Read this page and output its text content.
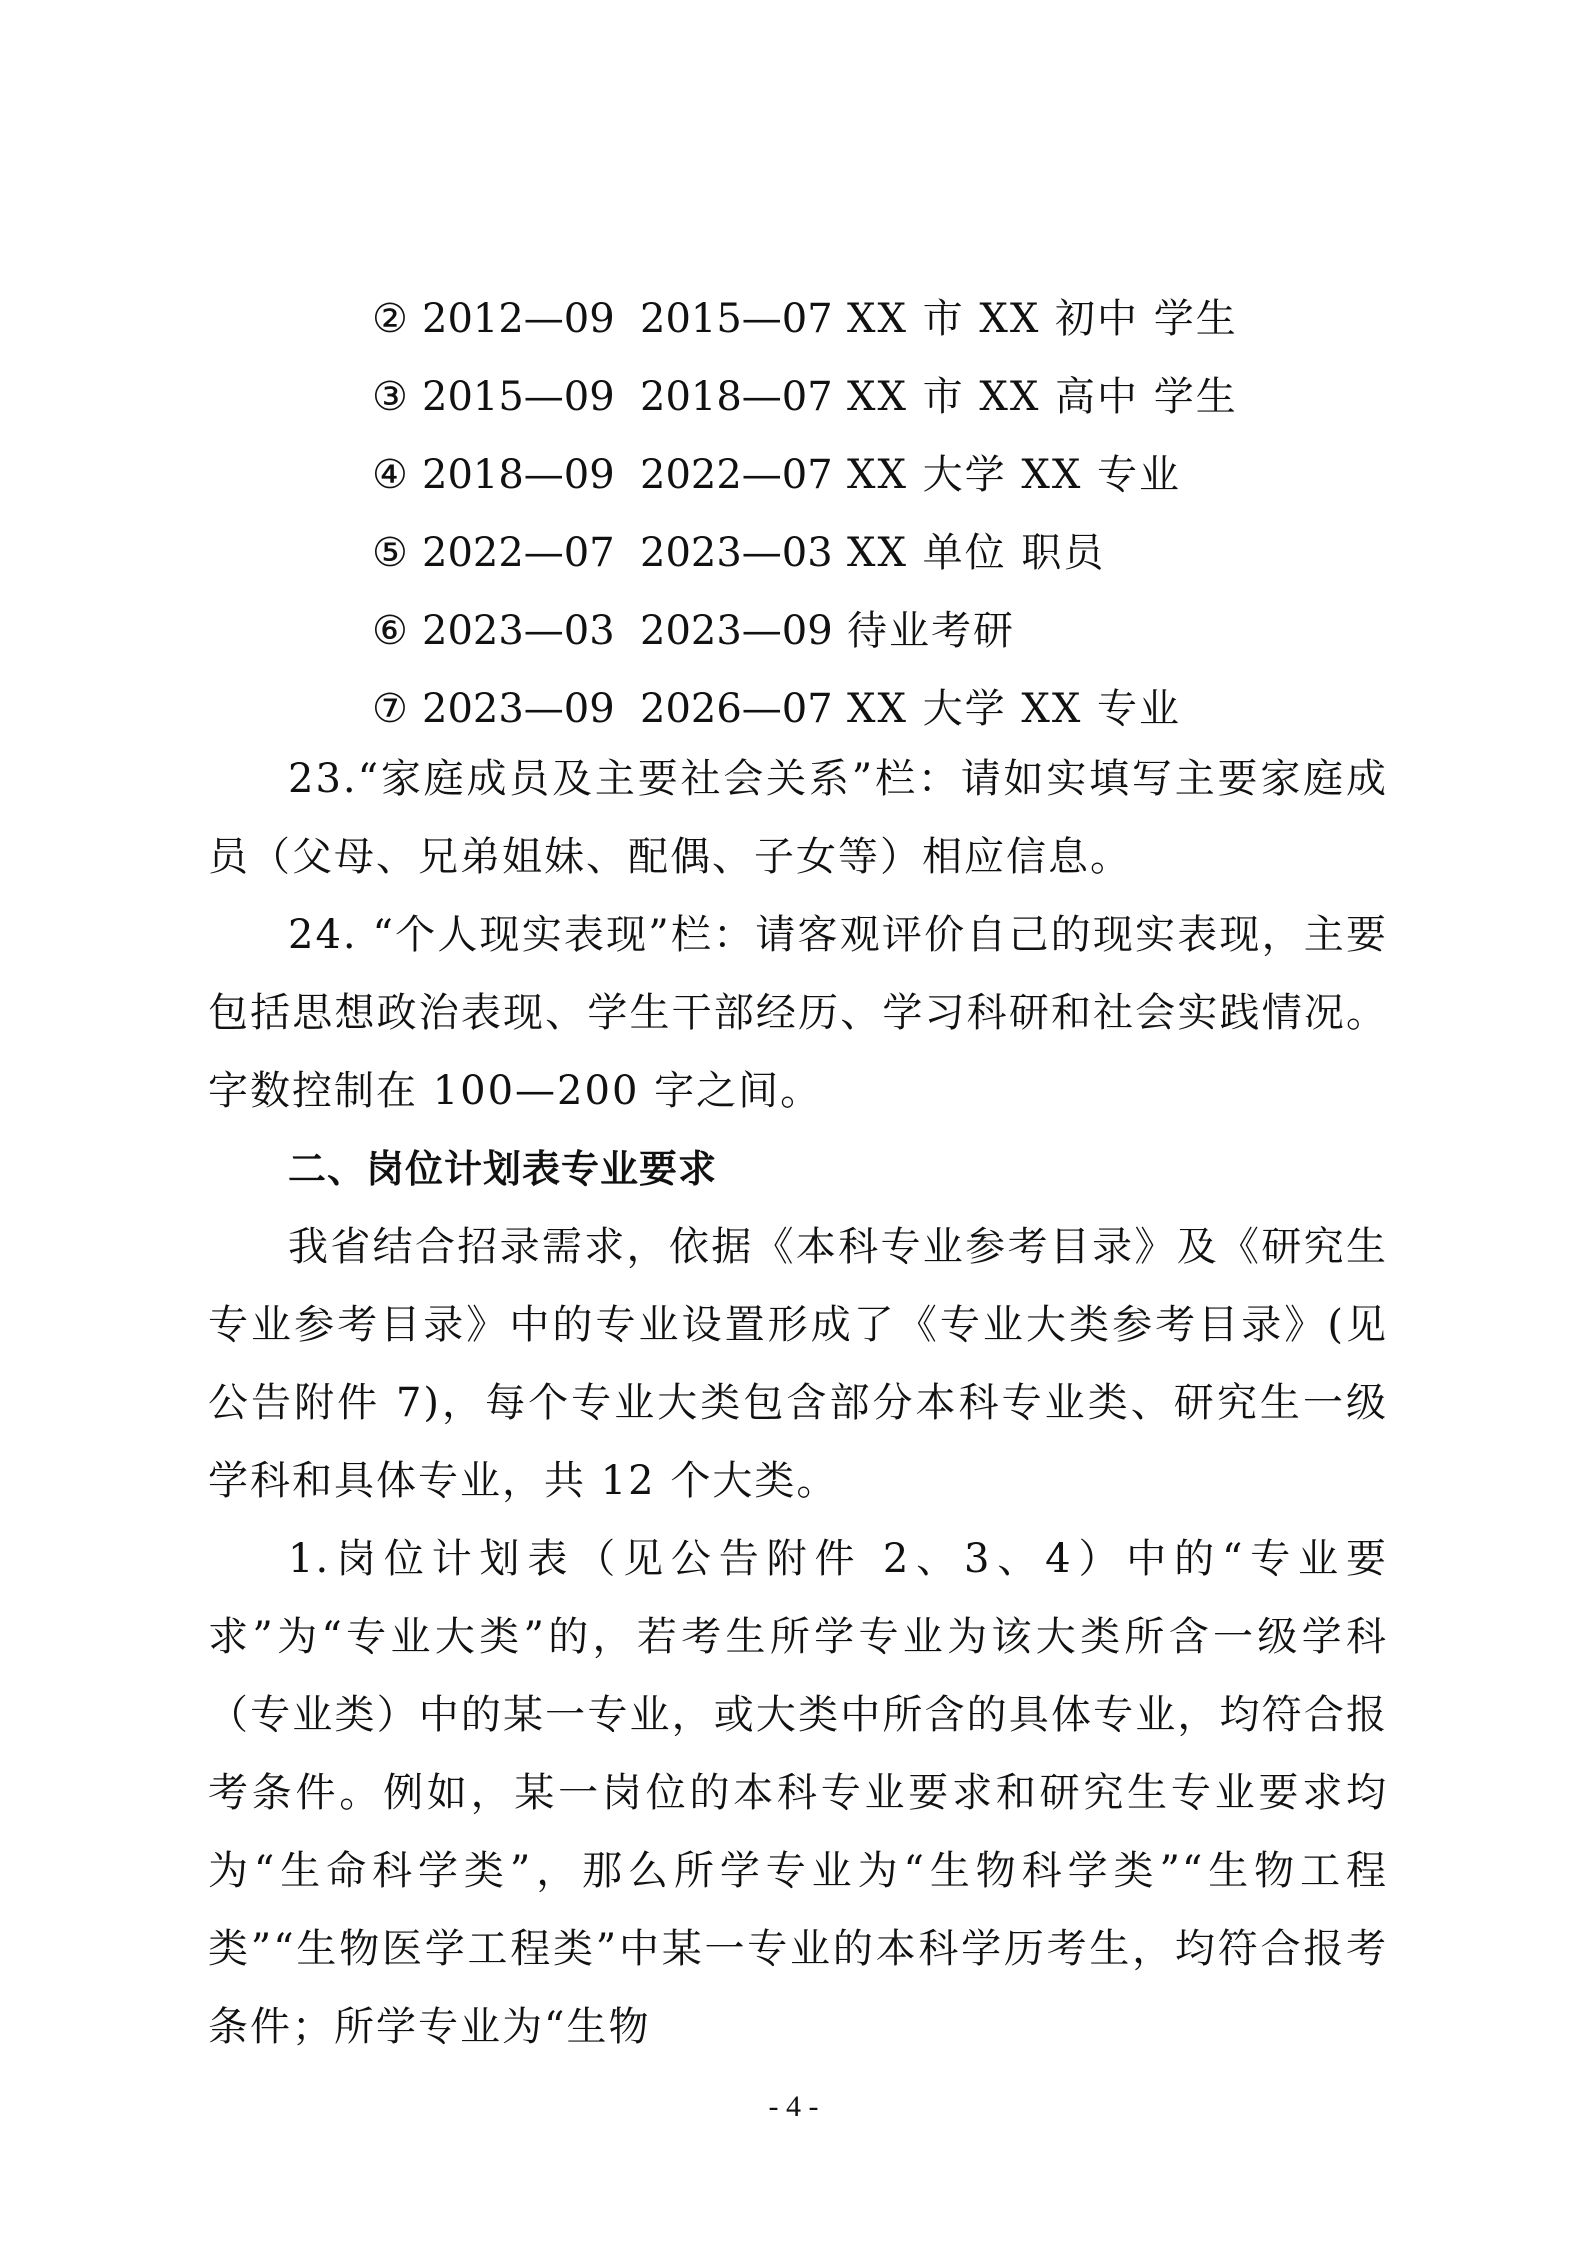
② 2012—09 2015—07 XX 市 XX 初中 学生
③ 2015—09 2018—07 XX 市 XX 高中 学生
④ 2018—09 2022—07 XX 大学 XX 专业
⑤ 2022—07 2023—03 XX 单位 职员
⑥ 2023—03 2023—09 待业考研
⑦ 2023—09 2026—07 XX 大学 XX 专业

23.“家庭成员及主要社会关系”栏：请如实填写主要家庭成员（父母、兄弟姐妹、配偶、子女等）相应信息。

24. “个人现实表现”栏：请客观评价自己的现实表现，主要包括思想政治表现、学生干部经历、学习科研和社会实践情况。字数控制在 100—200 字之间。

二、岗位计划表专业要求

我省结合招录需求，依据《本科专业参考目录》及《研究生专业参考目录》中的专业设置形成了《专业大类参考目录》(见公告附件 7)，每个专业大类包含部分本科专业类、研究生一级学科和具体专业，共 12 个大类。

1.岗位计划表（见公告附件 2、3、4）中的“专业要求”为“专业大类”的，若考生所学专业为该大类所含一级学科（专业类）中的某一专业，或大类中所含的具体专业，均符合报考条件。例如，某一岗位的本科专业要求和研究生专业要求均为“生命科学类”，那么所学专业为“生物科学类”“生物工程类”“生物医学工程类”中某一专业的本科学历考生，均符合报考条件；所学专业为“生物

- 4 -
